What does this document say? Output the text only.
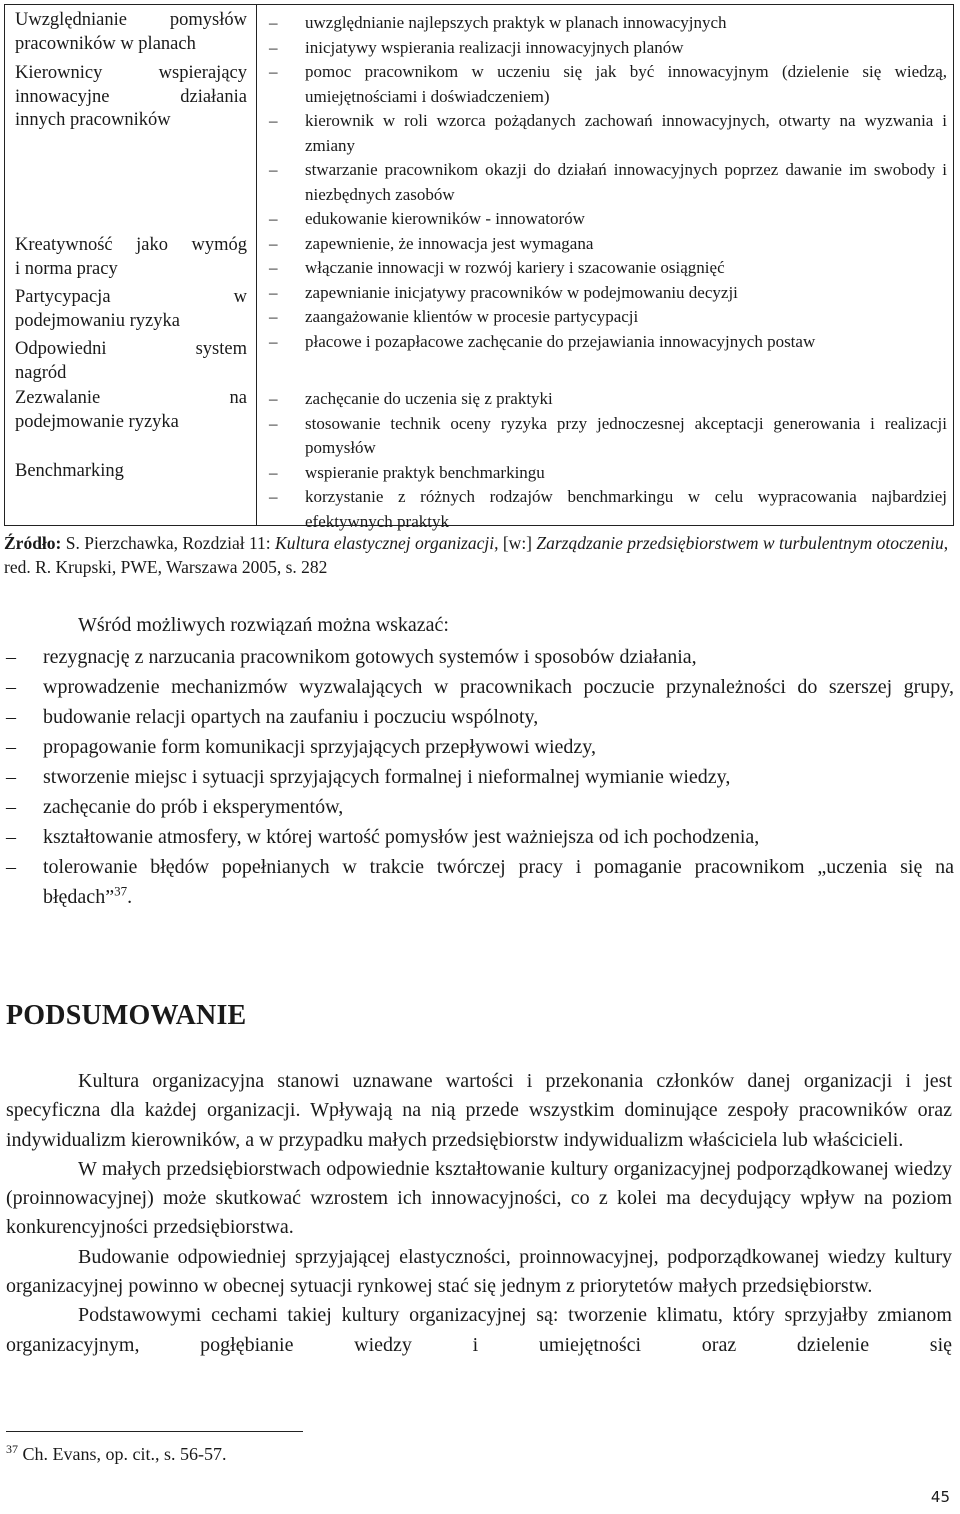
Uwzględnianie pomysłów
pracowników w planach
Kierownicy wspierający
innowacyjne działania
innych pracowników
Kreatywność jako wymóg
i norma pracy
Partycypacja w
podejmowaniu ryzyka
Odpowiedni system
nagród
Zezwalanie na
podejmowanie ryzyka
Benchmarking
– uwzględnianie najlepszych praktyk w planach innowacyjnych
– inicjatywy wspierania realizacji innowacyjnych planów
– pomoc pracownikom w uczeniu się jak być innowacyjnym (dzielenie się wiedzą, umiejętnościami i doświadczeniem)
– kierownik w roli wzorca pożądanych zachowań innowacyjnych, otwarty na wyzwania i zmiany
– stwarzanie pracownikom okazji do działań innowacyjnych poprzez dawanie im swobody i niezbędnych zasobów
– edukowanie kierowników - innowatorów
– zapewnienie, że innowacja jest wymagana
– włączanie innowacji w rozwój kariery i szacowanie osiągnięć
– zapewnianie inicjatywy pracowników w podejmowaniu decyzji
– zaangażowanie klientów w procesie partycypacji
– płacowe i pozapłacowe zachęcanie do przejawiania innowacyjnych postaw
– zachęcanie do uczenia się z praktyki
– stosowanie technik oceny ryzyka przy jednoczesnej akceptacji generowania i realizacji pomysłów
– wspieranie praktyk benchmarkingu
– korzystanie z różnych rodzajów benchmarkingu w celu wypracowania najbardziej efektywnych praktyk
Źródło: S. Pierzchawka, Rozdział 11: Kultura elastycznej organizacji, [w:] Zarządzanie przedsiębiorstwem w turbulentnym otoczeniu, red. R. Krupski, PWE, Warszawa 2005, s. 282
Wśród możliwych rozwiązań można wskazać:
– rezygnację z narzucania pracownikom gotowych systemów i sposobów działania,
– wprowadzenie mechanizmów wyzwalających w pracownikach poczucie przynależności do szerszej grupy,
– budowanie relacji opartych na zaufaniu i poczuciu wspólnoty,
– propagowanie form komunikacji sprzyjających przepływowi wiedzy,
– stworzenie miejsc i sytuacji sprzyjających formalnej i nieformalnej wymianie wiedzy,
– zachęcanie do prób i eksperymentów,
– kształtowanie atmosfery, w której wartość pomysłów jest ważniejsza od ich pochodzenia,
– tolerowanie błędów popełnianych w trakcie twórczej pracy i pomaganie pracownikom „uczenia się na błędach”$^{37}$.
PODSUMOWANIE

Kultura organizacyjna stanowi uznawane wartości i przekonania członków danej organizacji i jest specyficzna dla każdej organizacji. Wpływają na nią przede wszystkim dominujące zespoły pracowników oraz indywidualizm kierowników, a w przypadku małych przedsiębiorstw indywidualizm właściciela lub właścicieli.

W małych przedsiębiorstwach odpowiednie kształtowanie kultury organizacyjnej podporządkowanej wiedzy (proinnowacyjnej) może skutkować wzrostem ich innowacyjności, co z kolei ma decydujący wpływ na poziom konkurencyjności przedsiębiorstwa.

Budowanie odpowiedniej sprzyjającej elastyczności, proinnowacyjnej, podporządkowanej wiedzy kultury organizacyjnej powinno w obecnej sytuacji rynkowej stać się jednym z priorytetów małych przedsiębiorstw.

Podstawowymi cechami takiej kultury organizacyjnej są: tworzenie klimatu, który sprzyjałby zmianom organizacyjnym, pogłębianie wiedzy i umiejętności oraz dzielenie się

$^{37}$ Ch. Evans, op. cit., s. 56-57.
45
